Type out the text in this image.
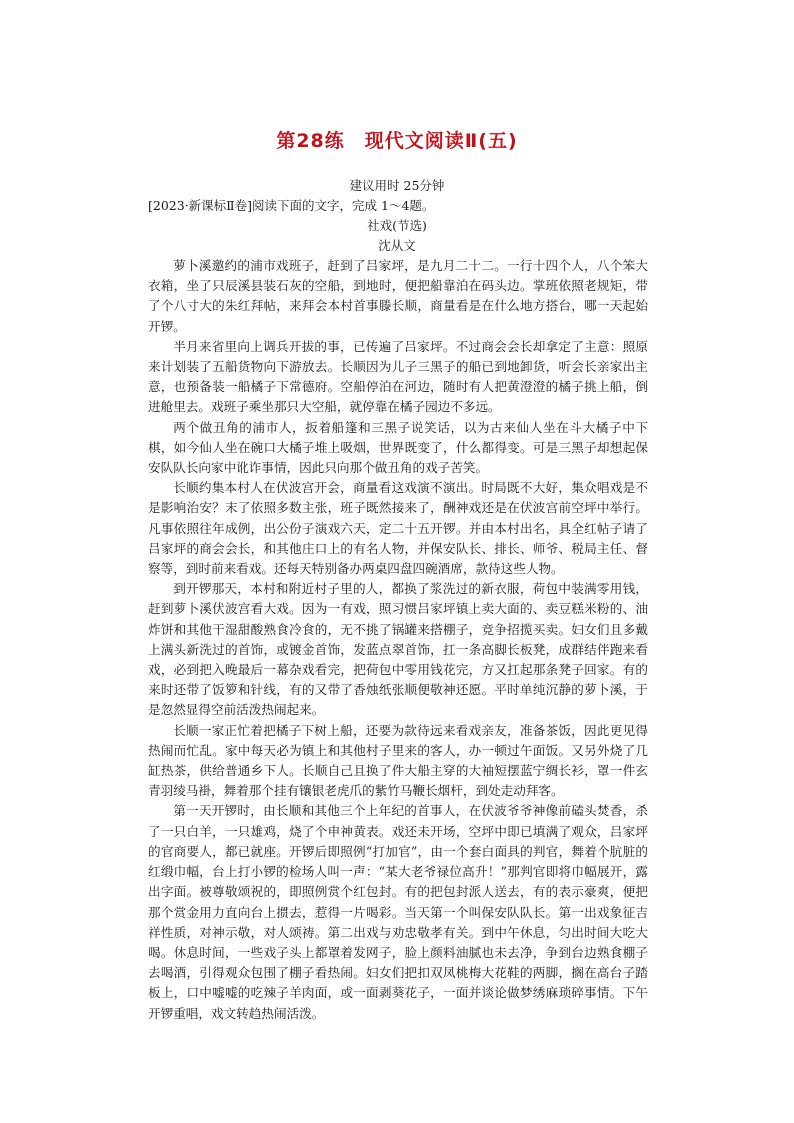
第28练　现代文阅读Ⅱ(五)
建议用时 25分钟
[2023·新课标Ⅱ卷]阅读下面的文字，完成 1～4题。
社戏(节选)
沈从文

萝卜溪邀约的浦市戏班子，赶到了吕家坪，是九月二十二。一行十四个人，八个笨大衣箱，坐了只辰溪县装石灰的空船，到地时，便把船靠泊在码头边。掌班依照老规矩，带了个八寸大的朱红拜帖，来拜会本村首事滕长顺，商量看是在什么地方搭台，哪一天起始开锣。

半月来省里向上调兵开拔的事，已传遍了吕家坪。不过商会会长却拿定了主意：照原来计划装了五船货物向下游放去。长顺因为儿子三黑子的船已到地卸货，听会长亲家出主意，也预备装一船橘子下常德府。空船停泊在河边，随时有人把黄澄澄的橘子挑上船，倒进舱里去。戏班子乘坐那只大空船，就停靠在橘子园边不多远。

两个做丑角的浦市人，扳着船篷和三黑子说笑话，以为古来仙人坐在斗大橘子中下棋，如今仙人坐在碗口大橘子堆上吸烟，世界既变了，什么都得变。可是三黑子却想起保安队队长向家中讹诈事情，因此只向那个做丑角的戏子苦笑。

长顺约集本村人在伏波宫开会，商量看这戏演不演出。时局既不大好，集众唱戏是不是影响治安？末了依照多数主张，班子既然接来了，酬神戏还是在伏波宫前空坪中举行。凡事依照往年成例，出公份子演戏六天，定二十五开锣。并由本村出名，具全红帖子请了吕家坪的商会会长，和其他庄口上的有名人物，并保安队长、排长、师爷、税局主任、督察等，到时前来看戏。还每天特别备办两桌四盘四碗酒席，款待这些人物。

到开锣那天，本村和附近村子里的人，都换了浆洗过的新衣服，荷包中装满零用钱，赶到萝卜溪伏波宫看大戏。因为一有戏，照习惯吕家坪镇上卖大面的、卖豆糕米粉的、油炸饼和其他干湿甜酸熟食冷食的，无不挑了锅罐来搭棚子，竞争招揽买卖。妇女们且多戴上满头新洗过的首饰，或镀金首饰，发蓝点翠首饰，扛一条高脚长板凳，成群结伴跑来看戏，必到把入晚最后一幕杂戏看完，把荷包中零用钱花完，方又扛起那条凳子回家。有的来时还带了饭箩和针线，有的又带了香烛纸张顺便敬神还愿。平时单纯沉静的萝卜溪，于是忽然显得空前活泼热闹起来。

长顺一家正忙着把橘子下树上船，还要为款待远来看戏亲友，准备茶饭，因此更见得热闹而忙乱。家中每天必为镇上和其他村子里来的客人，办一顿过午面饭。又另外烧了几缸热茶，供给普通乡下人。长顺自己且换了件大船主穿的大袖短摆蓝宁绸长衫，罩一件玄青羽绫马褂，舞着那个挂有镶银老虎爪的紫竹马鞭长烟杆，到处走动拜客。

第一天开锣时，由长顺和其他三个上年纪的首事人，在伏波爷爷神像前磕头焚香，杀了一只白羊，一只雄鸡，烧了个申神黄表。戏还未开场，空坪中即已填满了观众，吕家坪的官商要人，都已就座。开锣后即照例“打加官”，由一个套白面具的判官，舞着个肮脏的红缎巾幅，台上打小锣的检场人叫一声：“某大老爷禄位高升！”那判官即将巾幅展开，露出字面。被尊敬颂祝的，即照例赏个红包封。有的把包封派人送去，有的表示豪爽，便把那个赏金用力直向台上掼去，惹得一片喝彩。当天第一个叫保安队队长。第一出戏象征吉祥性质，对神示敬，对人颂祷。第二出戏与劝忠敬孝有关。到中午休息，匀出时间大吃大喝。休息时间，一些戏子头上都罩着发网子，脸上颜料油腻也未去净，争到台边熟食棚子去喝酒，引得观众包围了棚子看热闹。妇女们把扣双凤桃梅大花鞋的两脚，搁在高台子踏板上，口中嘘嘘的吃辣子羊肉面，或一面剥葵花子，一面并谈论做梦绣麻琐碎事情。下午开锣重唱，戏文转趋热闹活泼。
